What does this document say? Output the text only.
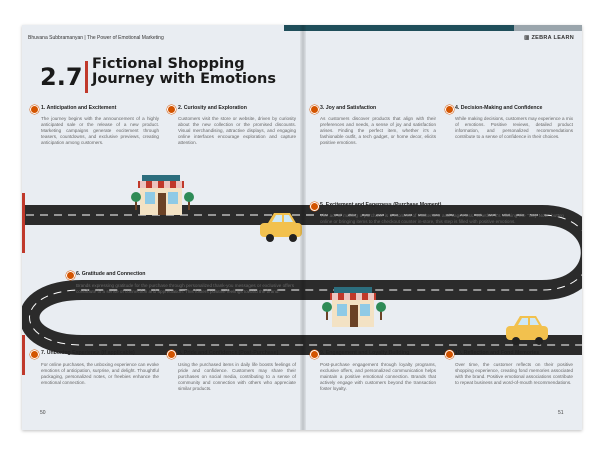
Bhuvana Subbramanyan | The Power of Emotional Marketing	▥ ZEBRA LEARN
2.7 Fictional Shopping Journey with Emotions
1. Anticipation and Excitement
The journey begins with the announcement of a highly anticipated sale or the release of a new product. Marketing campaigns generate excitement through teasers, countdowns, and exclusive previews, creating anticipation among customers.
2. Curiosity and Exploration
Customers visit the store or website, driven by curiosity about the new collection or the promised discounts. Visual merchandising, attractive displays, and engaging online interfaces encourage exploration and capture attention.
3. Joy and Satisfaction
As customers discover products that align with their preferences and needs, a sense of joy and satisfaction arises. Finding the perfect item, whether it's a fashionable outfit, a tech gadget, or home decor, elicits positive emotions.
4. Decision-Making and Confidence
While making decisions, customers may experience a mix of emotions. Positive reviews, detailed product information, and personalized recommendations contribute to a sense of confidence in their choices.
5. Excitement and Eagerness (Purchase Moment)
The act of making a purchase is a moment of excitement and eagerness. Whether it's clicking the "Buy Now" button online or bringing items to the checkout counter in-store, this step is filled with positive emotions.
6. Gratitude and Connection
Brands expressing gratitude for the purchase through personalized thank-you messages or exclusive offers contribute to a sense of connection and appreciation. This fosters positive feelings toward the brand.
7. Unboxing Experience (if applicable)
For online purchases, the unboxing experience can evoke emotions of anticipation, surprise, and delight. Thoughtful packaging, personalized notes, or freebies enhance the emotional connection.
8. Pride and Confidence (Post-Purchase)
Using the purchased items in daily life boosts feelings of pride and confidence. Customers may share their purchases on social media, contributing to a sense of community and connection with others who appreciate similar products.
9. Engagement and Loyalty Building
Post-purchase engagement through loyalty programs, exclusive offers, and personalized communication helps maintain a positive emotional connection. Brands that actively engage with customers beyond the transaction foster loyalty.
10. Reflection and Fond Memories
Over time, the customer reflects on their positive shopping experience, creating fond memories associated with the brand. Positive emotional associations contribute to repeat business and word-of-mouth recommendations.
50	51
